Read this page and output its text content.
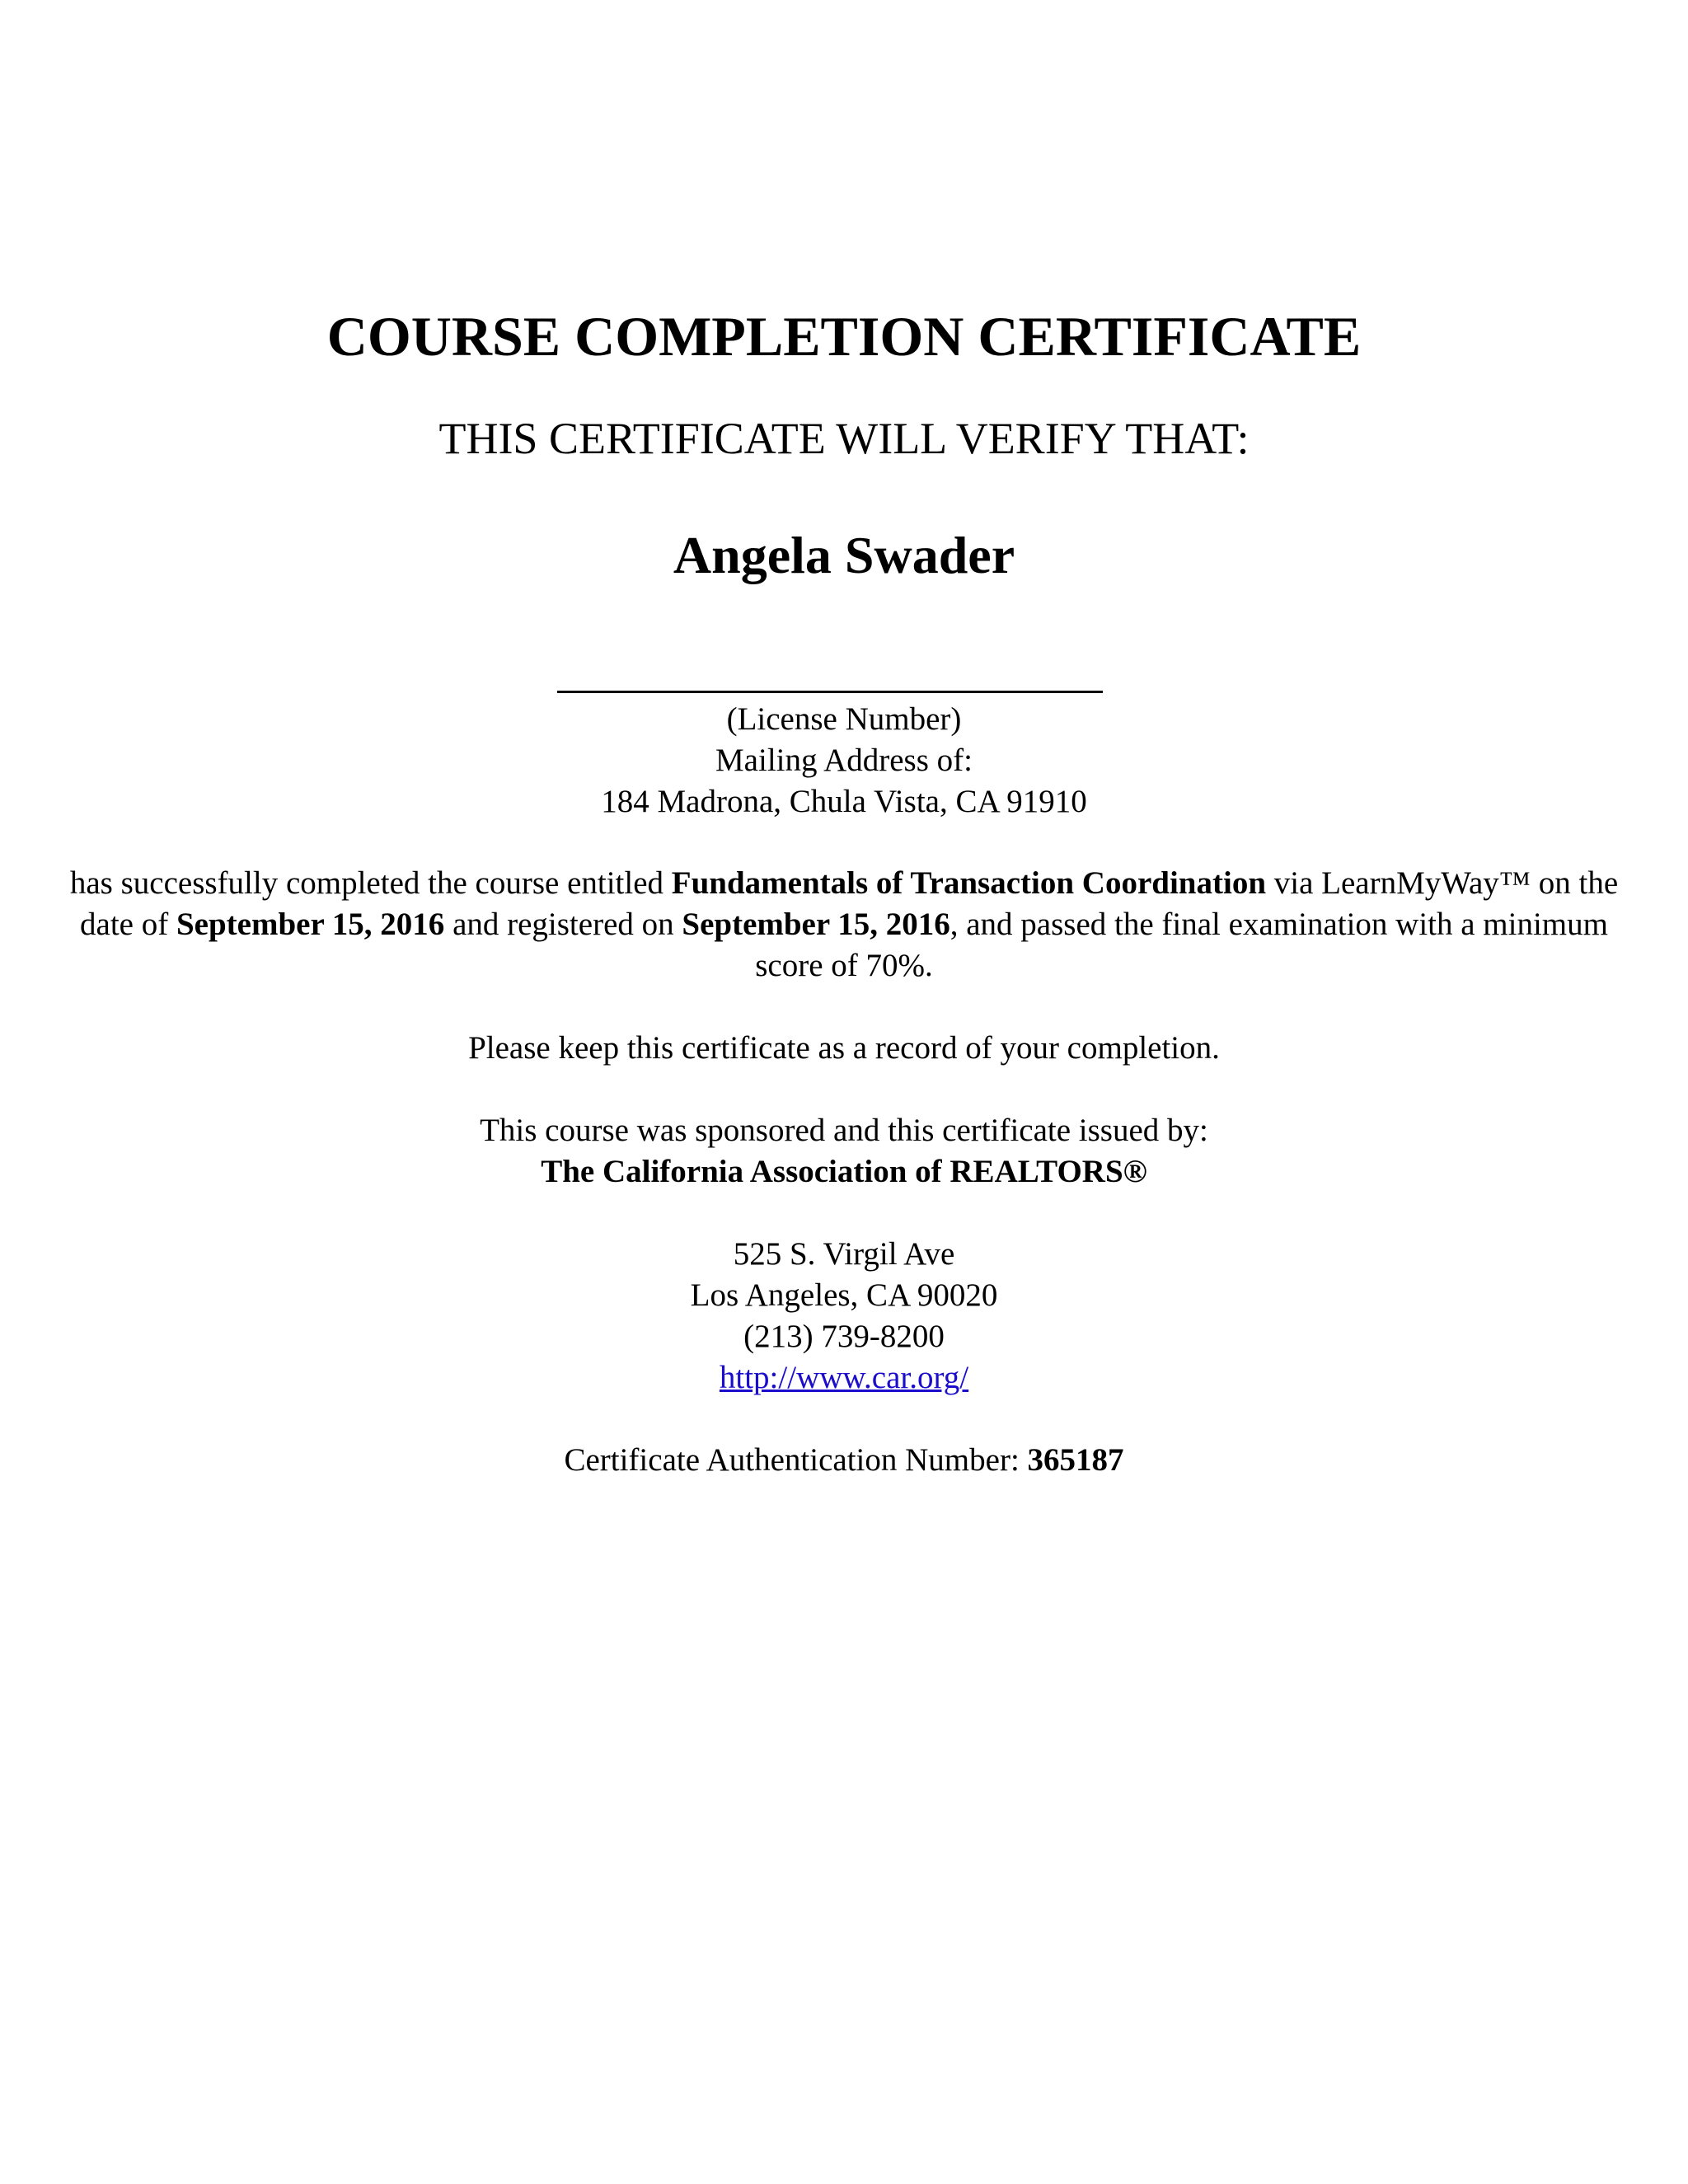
COURSE COMPLETION CERTIFICATE

THIS CERTIFICATE WILL VERIFY THAT:

Angela Swader

(License Number)
Mailing Address of:
184 Madrona, Chula Vista, CA 91910

has successfully completed the course entitled Fundamentals of Transaction Coordination via LearnMyWay™ on the date of September 15, 2016 and registered on September 15, 2016, and passed the final examination with a minimum score of 70%.

Please keep this certificate as a record of your completion.

This course was sponsored and this certificate issued by:
The California Association of REALTORS®

525 S. Virgil Ave
Los Angeles, CA 90020
(213) 739-8200
http://www.car.org/

Certificate Authentication Number: 365187
